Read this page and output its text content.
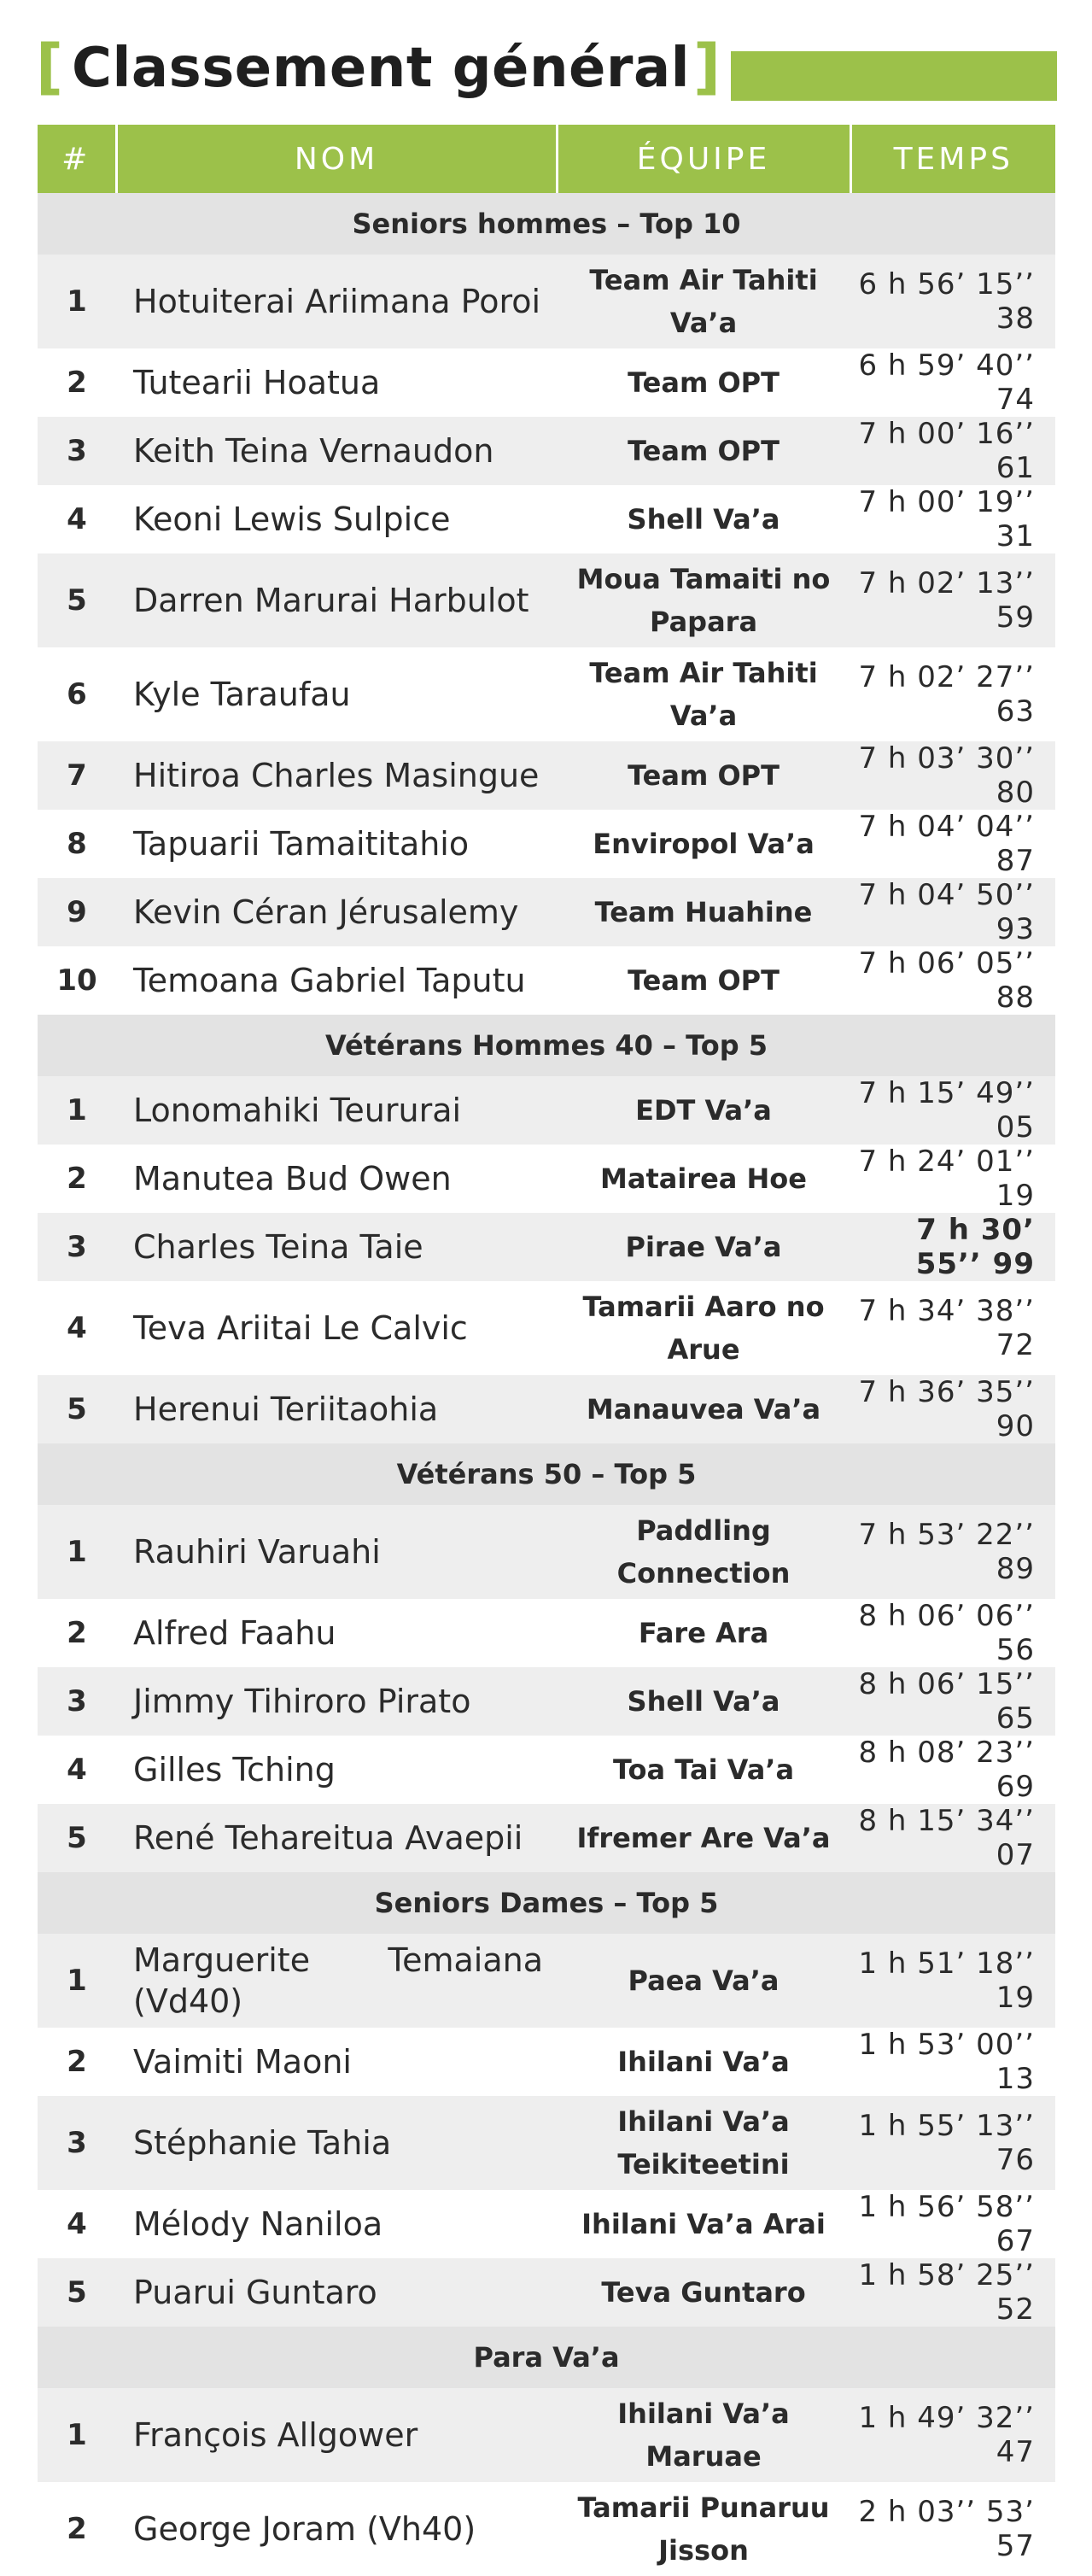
[ Classement général ]
#	NOM	ÉQUIPE	TEMPS
Seniors hommes – Top 10			
1	Hotuiterai Ariimana Poroi	Team Air Tahiti Va’a	6 h 56’ 15’’ 38
2	Tutearii Hoatua	Team OPT	6 h 59’ 40’’ 74
3	Keith Teina Vernaudon	Team OPT	7 h 00’ 16’’ 61
4	Keoni Lewis Sulpice	Shell Va’a	7 h 00’ 19’’ 31
5	Darren Marurai Harbulot	Moua Tamaiti no Papara	7 h 02’ 13’’ 59
6	Kyle Taraufau	Team Air Tahiti Va’a	7 h 02’ 27’’ 63
7	Hitiroa Charles Masingue	Team OPT	7 h 03’ 30’’ 80
8	Tapuarii Tamaititahio	Enviropol Va’a	7 h 04’ 04’’ 87
9	Kevin Céran Jérusalemy	Team Huahine	7 h 04’ 50’’ 93
10	Temoana Gabriel Taputu	Team OPT	7 h 06’ 05’’ 88
Vétérans Hommes 40 – Top 5			
1	Lonomahiki Teururai	EDT Va’a	7 h 15’ 49’’ 05
2	Manutea Bud Owen	Matairea Hoe	7 h 24’ 01’’ 19
3	Charles Teina Taie	Pirae Va’a	7 h 30’ 55’’ 99
4	Teva Ariitai Le Calvic	Tamarii Aaro no Arue	7 h 34’ 38’’ 72
5	Herenui Teriitaohia	Manauvea Va’a	7 h 36’ 35’’ 90
Vétérans 50 – Top 5			
1	Rauhiri Varuahi	Paddling Connection	7 h 53’ 22’’ 89
2	Alfred Faahu	Fare Ara	8 h 06’ 06’’ 56
3	Jimmy Tihiroro Pirato	Shell Va’a	8 h 06’ 15’’ 65
4	Gilles Tching	Toa Tai Va’a	8 h 08’ 23’’ 69
5	René Tehareitua Avaepii	Ifremer Are Va’a	8 h 15’ 34’’ 07
Seniors Dames – Top 5			
1	Marguerite Temaiana (Vd40)	Paea Va’a	1 h 51’ 18’’ 19
2	Vaimiti Maoni	Ihilani Va’a	1 h 53’ 00’’ 13
3	Stéphanie Tahia	Ihilani Va’a Teikiteetini	1 h 55’ 13’’ 76
4	Mélody Naniloa	Ihilani Va’a Arai	1 h 56’ 58’’ 67
5	Puarui Guntaro	Teva Guntaro	1 h 58’ 25’’ 52
Para Va’a			
1	François Allgower	Ihilani Va’a Maruae	1 h 49’ 32’’ 47
2	George Joram (Vh40)	Tamarii Punaruu Jisson	2 h 03’’ 53’ 57
